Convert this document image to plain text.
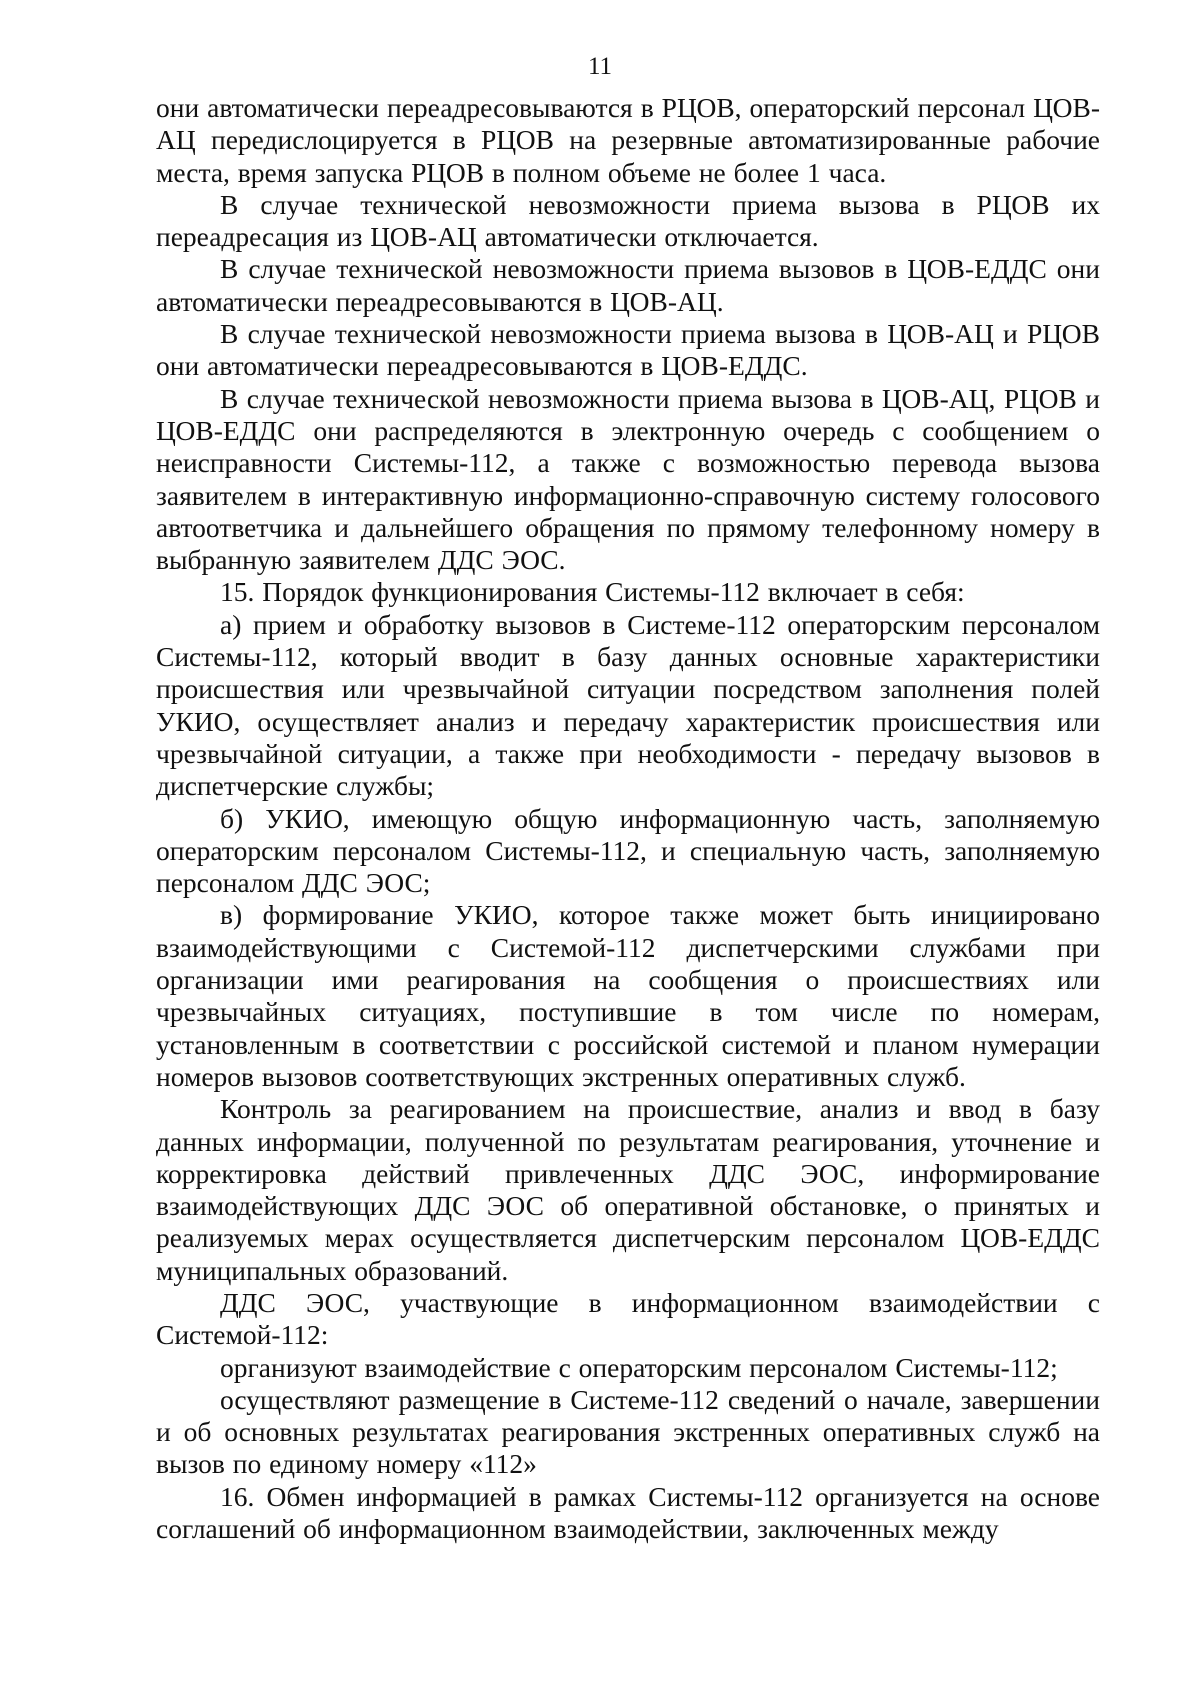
11

они автоматически переадресовываются в РЦОВ, операторский персонал ЦОВ-АЦ передислоцируется в РЦОВ на резервные автоматизированные рабочие места, время запуска РЦОВ в полном объеме не более 1 часа.

В случае технической невозможности приема вызова в РЦОВ их переадресация из ЦОВ-АЦ автоматически отключается.

В случае технической невозможности приема вызовов в ЦОВ-ЕДДС они автоматически переадресовываются в ЦОВ-АЦ.

В случае технической невозможности приема вызова в ЦОВ-АЦ и РЦОВ они автоматически переадресовываются в ЦОВ-ЕДДС.

В случае технической невозможности приема вызова в ЦОВ-АЦ, РЦОВ и ЦОВ-ЕДДС они распределяются в электронную очередь с сообщением о неисправности Системы-112, а также с возможностью перевода вызова заявителем в интерактивную информационно-справочную систему голосового автоответчика и дальнейшего обращения по прямому телефонному номеру в выбранную заявителем ДДС ЭОС.

15. Порядок функционирования Системы-112 включает в себя:

а) прием и обработку вызовов в Системе-112 операторским персоналом Системы-112, который вводит в базу данных основные характеристики происшествия или чрезвычайной ситуации посредством заполнения полей УКИО, осуществляет анализ и передачу характеристик происшествия или чрезвычайной ситуации, а также при необходимости - передачу вызовов в диспетчерские службы;

б) УКИО, имеющую общую информационную часть, заполняемую операторским персоналом Системы-112, и специальную часть, заполняемую персоналом ДДС ЭОС;

в) формирование УКИО, которое также может быть инициировано взаимодействующими с Системой-112 диспетчерскими службами при организации ими реагирования на сообщения о происшествиях или чрезвычайных ситуациях, поступившие в том числе по номерам, установленным в соответствии с российской системой и планом нумерации номеров вызовов соответствующих экстренных оперативных служб.

Контроль за реагированием на происшествие, анализ и ввод в базу данных информации, полученной по результатам реагирования, уточнение и корректировка действий привлеченных ДДС ЭОС, информирование взаимодействующих ДДС ЭОС об оперативной обстановке, о принятых и реализуемых мерах осуществляется диспетчерским персоналом ЦОВ-ЕДДС муниципальных образований.

ДДС ЭОС, участвующие в информационном взаимодействии с Системой-112:

организуют взаимодействие с операторским персоналом Системы-112;

осуществляют размещение в Системе-112 сведений о начале, завершении и об основных результатах реагирования экстренных оперативных служб на вызов по единому номеру «112»

16. Обмен информацией в рамках Системы-112 организуется на основе соглашений об информационном взаимодействии, заключенных между
